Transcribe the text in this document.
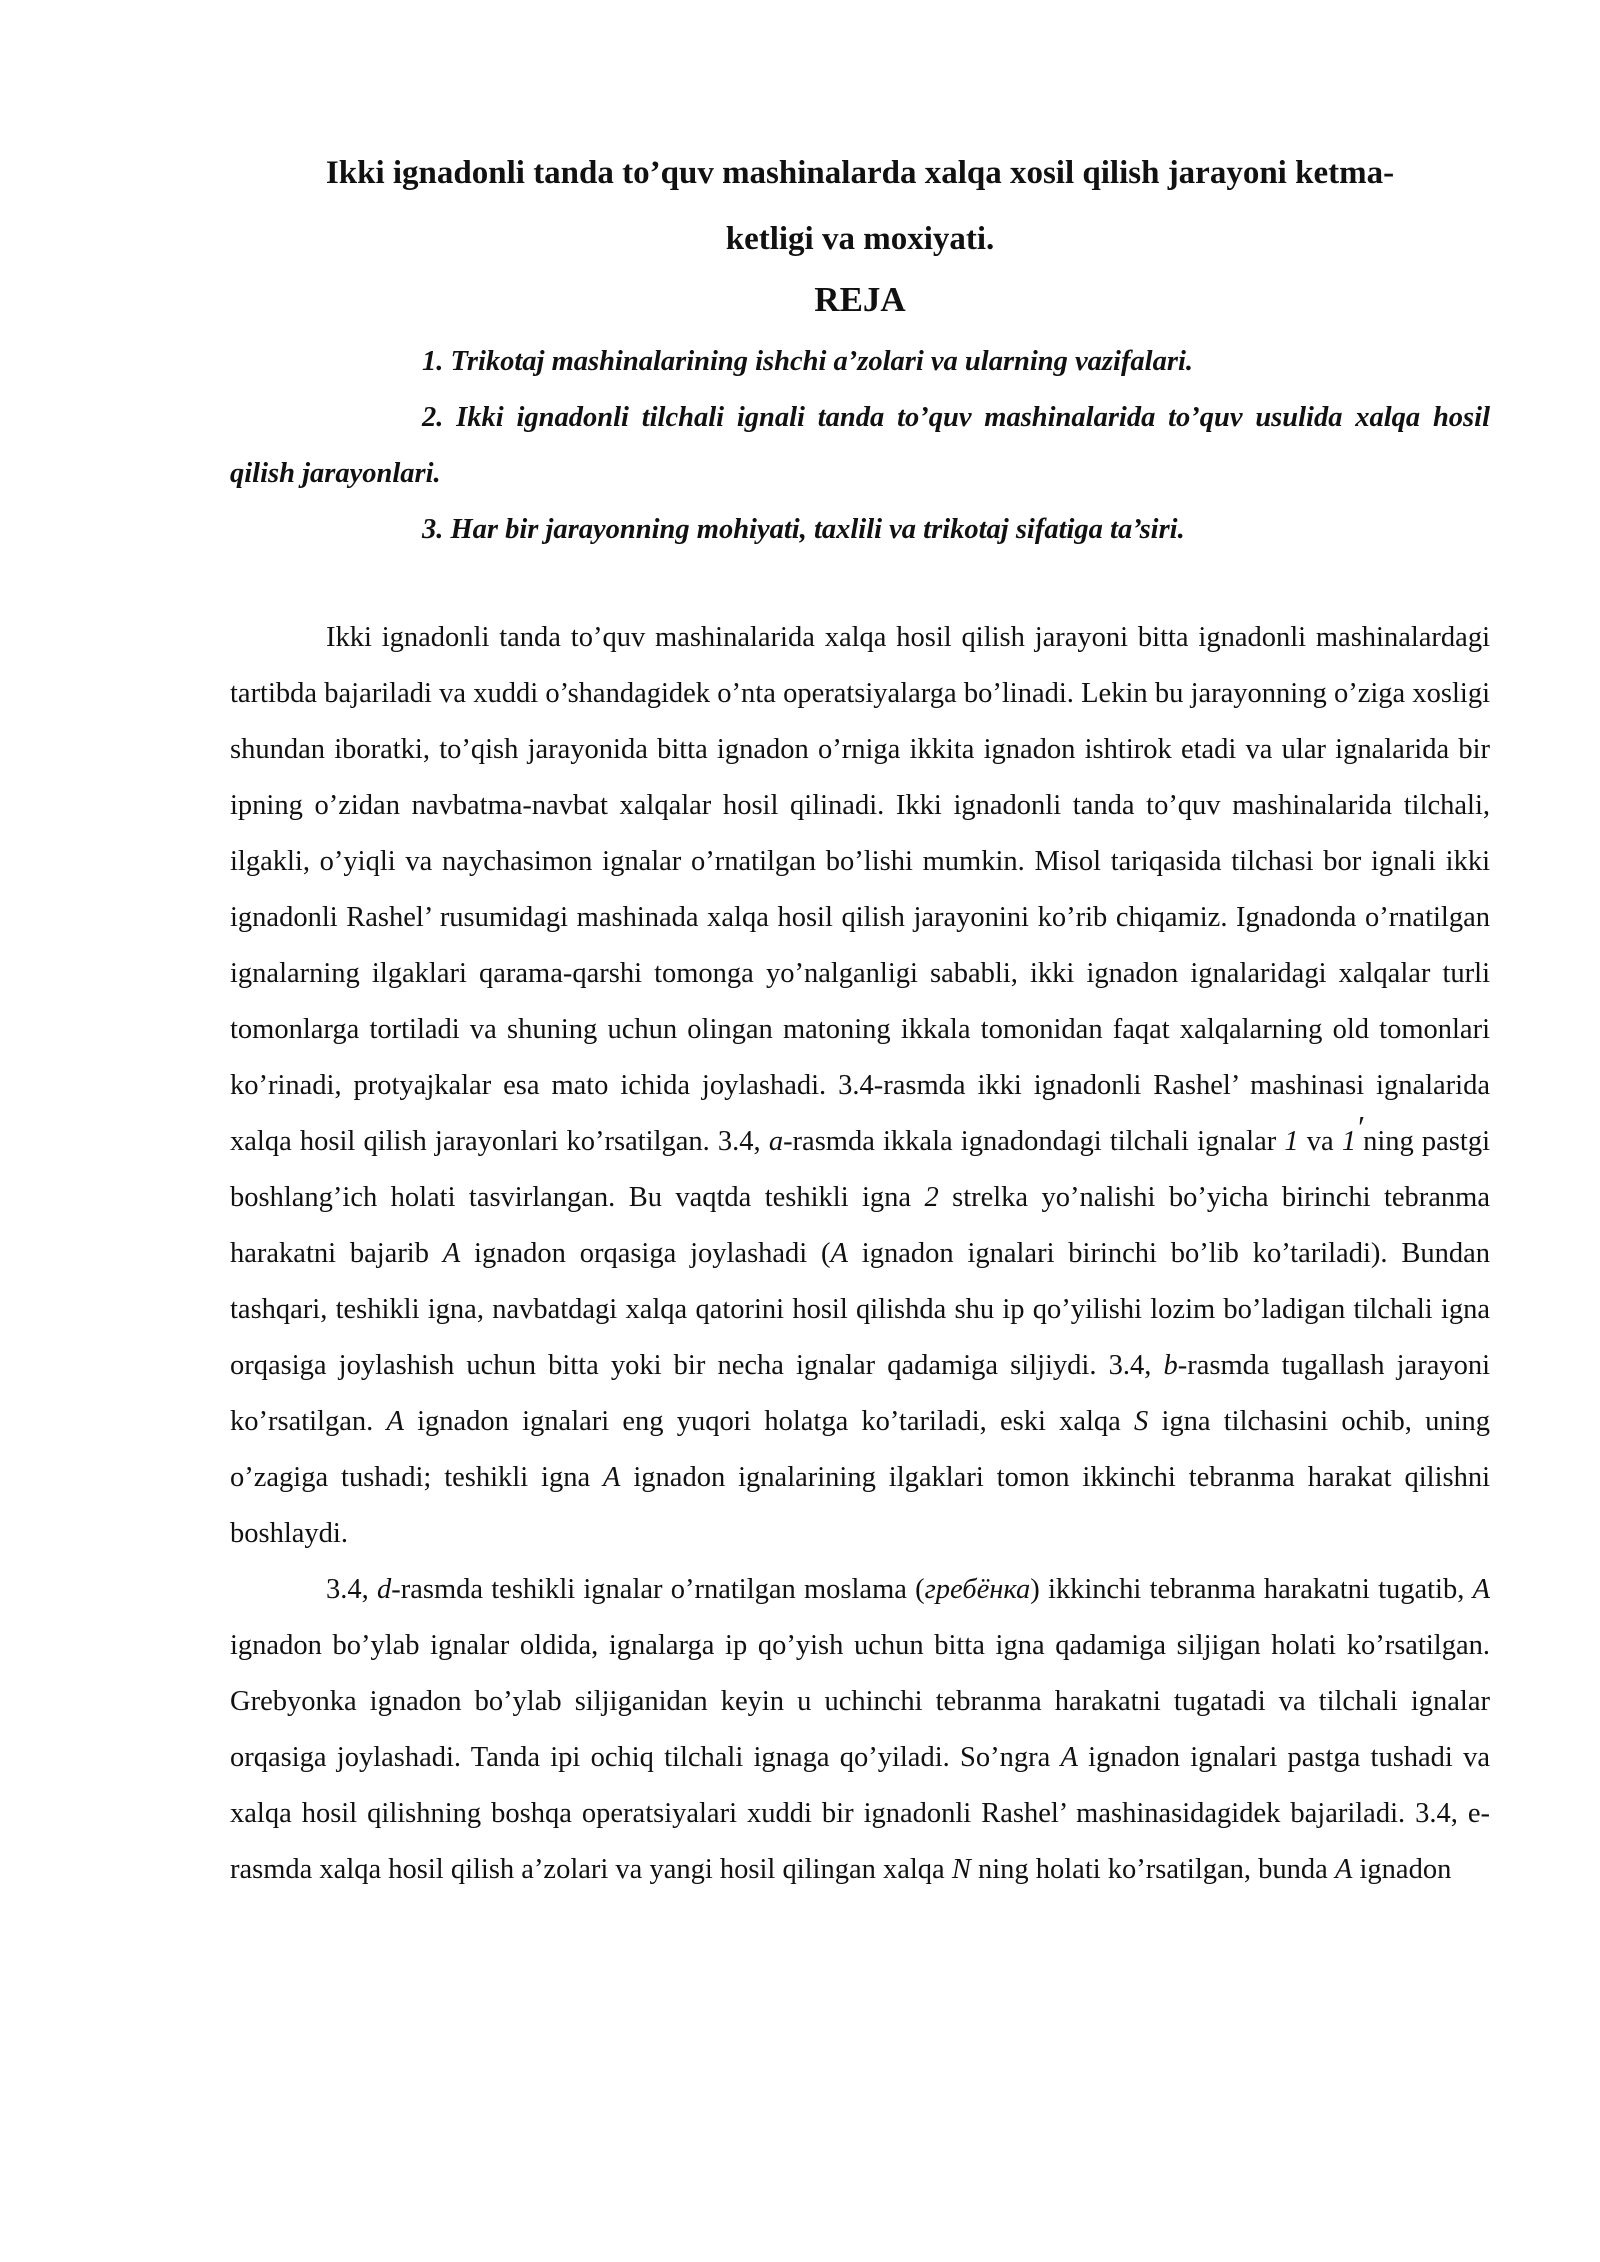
Ikki ignadonli tanda to’quv mashinalarda xalqa xosil qilish jarayoni ketma-
ketligi va moxiyati.
REJA
1. Trikotaj mashinalarining ishchi a’zolari va ularning vazifalari.
2. Ikki ignadonli tilchali ignali tanda to’quv mashinalarida to’quv usulida xalqa hosil qilish jarayonlari.
3. Har bir jarayonning mohiyati, taxlili va trikotaj sifatiga ta’siri.

Ikki ignadonli tanda to’quv mashinalarida xalqa hosil qilish jarayoni bitta ignadonli mashinalardagi tartibda bajariladi va xuddi o’shandagidek o’nta operatsiyalarga bo’linadi. Lekin bu jarayonning o’ziga xosligi shundan iboratki, to’qish jarayonida bitta ignadon o’rniga ikkita ignadon ishtirok etadi va ular ignalarida bir ipning o’zidan navbatma-navbat xalqalar hosil qilinadi. Ikki ignadonli tanda to’quv mashinalarida tilchali, ilgakli, o’yiqli va naychasimon ignalar o’rnatilgan bo’lishi mumkin. Misol tariqasida tilchasi bor ignali ikki ignadonli Rashel’ rusumidagi mashinada xalqa hosil qilish jarayonini ko’rib chiqamiz. Ignadonda o’rnatilgan ignalarning ilgaklari qarama-qarshi tomonga yo’nalganligi sababli, ikki ignadon ignalaridagi xalqalar turli tomonlarga tortiladi va shuning uchun olingan matoning ikkala tomonidan faqat xalqalarning old tomonlari ko’rinadi, protyajkalar esa mato ichida joylashadi. 3.4-rasmda ikki ignadonli Rashel’ mashinasi ignalarida xalqa hosil qilish jarayonlari ko’rsatilgan. 3.4, a-rasmda ikkala ignadondagi tilchali ignalar 1 va 1′ning pastgi boshlang’ich holati tasvirlangan. Bu vaqtda teshikli igna 2 strelka yo’nalishi bo’yicha birinchi tebranma harakatni bajarib A ignadon orqasiga joylashadi (A ignadon ignalari birinchi bo’lib ko’tariladi). Bundan tashqari, teshikli igna, navbatdagi xalqa qatorini hosil qilishda shu ip qo’yilishi lozim bo’ladigan tilchali igna orqasiga joylashish uchun bitta yoki bir necha ignalar qadamiga siljiydi. 3.4, b-rasmda tugallash jarayoni ko’rsatilgan. A ignadon ignalari eng yuqori holatga ko’tariladi, eski xalqa S igna tilchasini ochib, uning o’zagiga tushadi; teshikli igna A ignadon ignalarining ilgaklari tomon ikkinchi tebranma harakat qilishni boshlaydi.

3.4, d-rasmda teshikli ignalar o’rnatilgan moslama (гребёнка) ikkinchi tebranma harakatni tugatib, A ignadon bo’ylab ignalar oldida, ignalarga ip qo’yish uchun bitta igna qadamiga siljigan holati ko’rsatilgan. Grebyonka ignadon bo’ylab siljiganidan keyin u uchinchi tebranma harakatni tugatadi va tilchali ignalar orqasiga joylashadi. Tanda ipi ochiq tilchali ignaga qo’yiladi. So’ngra A ignadon ignalari pastga tushadi va xalqa hosil qilishning boshqa operatsiyalari xuddi bir ignadonli Rashel’ mashinasidagidek bajariladi. 3.4, e-rasmda xalqa hosil qilish a’zolari va yangi hosil qilingan xalqa N ning holati ko’rsatilgan, bunda A ignadon
